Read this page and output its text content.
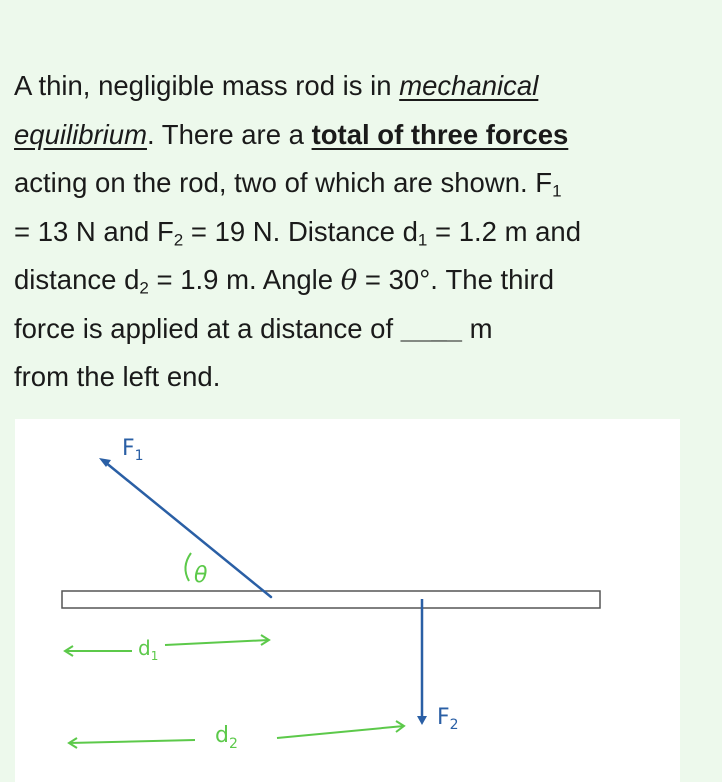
A thin, negligible mass rod is in mechanical
equilibrium. There are a total of three forces
acting on the rod, two of which are shown. $F_1$
= 13 N and $F_2 = 19$ N. Distance $d_1 = 1.2$ m and
distance $d_2 = 1.9$ m. Angle θ = 30°. The third
force is applied at a distance of ____ m
from the left end.
$F_1$
θ
$F_2$
$d_1$
$d_2$
